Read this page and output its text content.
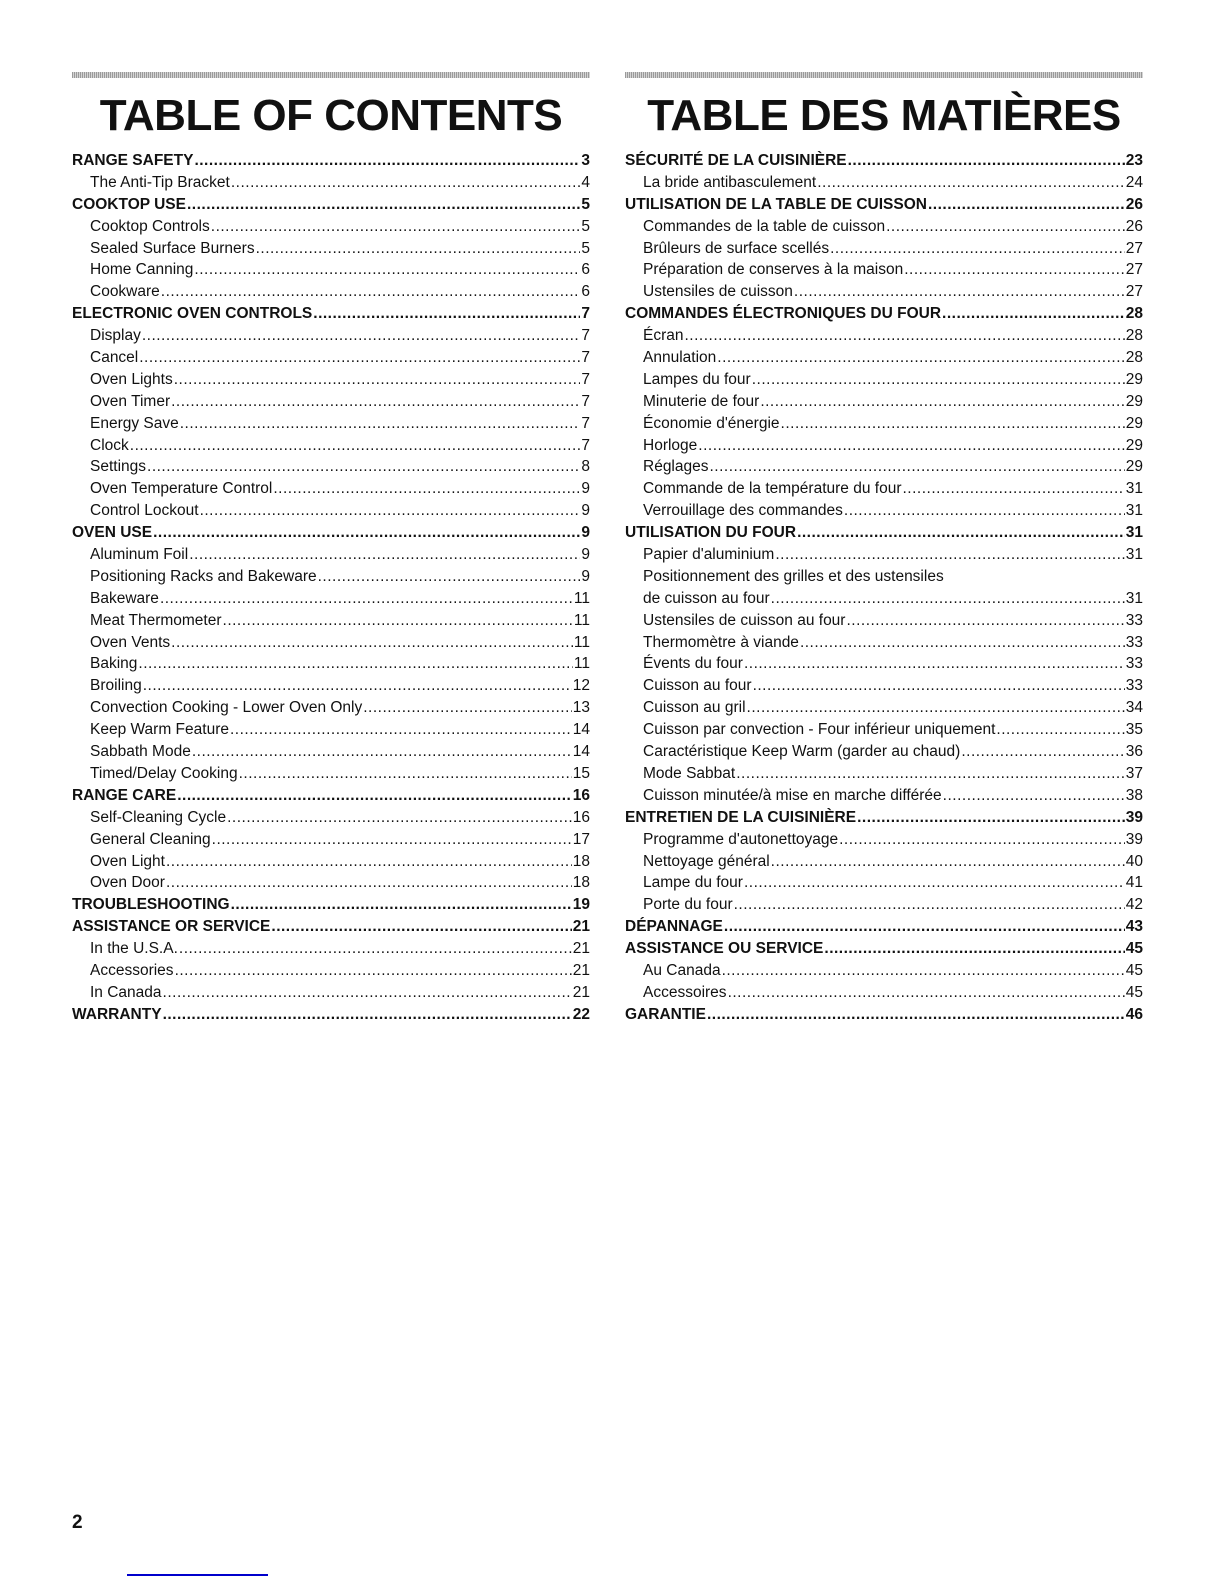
TABLE OF CONTENTS
RANGE SAFETY .....	3
The Anti-Tip Bracket .....	4
COOKTOP USE .....	5
Cooktop Controls .....	5
Sealed Surface Burners .....	5
Home Canning .....	6
Cookware .....	6
ELECTRONIC OVEN CONTROLS .....	7
Display .....	7
Cancel .....	7
Oven Lights .....	7
Oven Timer .....	7
Energy Save .....	7
Clock .....	7
Settings .....	8
Oven Temperature Control .....	9
Control Lockout .....	9
OVEN USE .....	9
Aluminum Foil .....	9
Positioning Racks and Bakeware .....	9
Bakeware .....	11
Meat Thermometer .....	11
Oven Vents .....	11
Baking .....	11
Broiling .....	12
Convection Cooking - Lower Oven Only .....	13
Keep Warm Feature .....	14
Sabbath Mode .....	14
Timed/Delay Cooking .....	15
RANGE CARE .....	16
Self-Cleaning Cycle .....	16
General Cleaning .....	17
Oven Light .....	18
Oven Door .....	18
TROUBLESHOOTING .....	19
ASSISTANCE OR SERVICE .....	21
In the U.S.A. .....	21
Accessories .....	21
In Canada .....	21
WARRANTY .....	22
TABLE DES MATIÈRES
SÉCURITÉ DE LA CUISINIÈRE .....	23
La bride antibasculement .....	24
UTILISATION DE LA TABLE DE CUISSON .....	26
Commandes de la table de cuisson .....	26
Brûleurs de surface scellés .....	27
Préparation de conserves à la maison .....	27
Ustensiles de cuisson .....	27
COMMANDES ÉLECTRONIQUES DU FOUR .....	28
Écran .....	28
Annulation .....	28
Lampes du four .....	29
Minuterie de four .....	29
Économie d'énergie .....	29
Horloge .....	29
Réglages .....	29
Commande de la température du four .....	31
Verrouillage des commandes .....	31
UTILISATION DU FOUR .....	31
Papier d'aluminium .....	31
Positionnement des grilles et des ustensiles
de cuisson au four .....	31
Ustensiles de cuisson au four .....	33
Thermomètre à viande .....	33
Évents du four .....	33
Cuisson au four .....	33
Cuisson au gril .....	34
Cuisson par convection - Four inférieur uniquement .....	35
Caractéristique Keep Warm (garder au chaud) .....	36
Mode Sabbat .....	37
Cuisson minutée/à mise en marche différée .....	38
ENTRETIEN DE LA CUISINIÈRE .....	39
Programme d'autonettoyage .....	39
Nettoyage général .....	40
Lampe du four .....	41
Porte du four .....	42
DÉPANNAGE .....	43
ASSISTANCE OU SERVICE .....	45
Au Canada .....	45
Accessoires .....	45
GARANTIE .....	46
2
